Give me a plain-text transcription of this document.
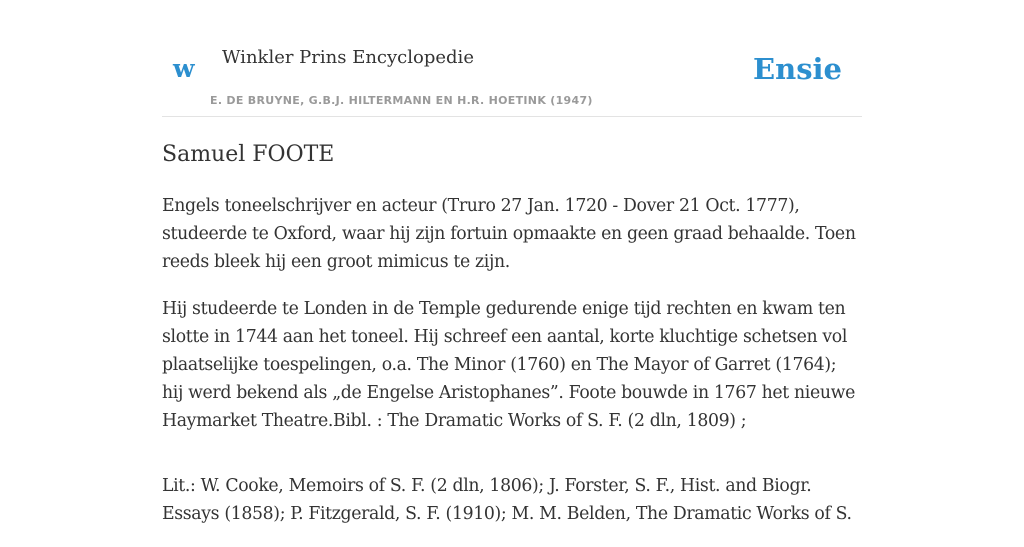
w Winkler Prins Encyclopedie
E. DE BRUYNE, G.B.J. HILTERMANN EN H.R. HOETINK (1947)
Ensie
Samuel FOOTE

Engels toneelschrijver en acteur (Truro 27 Jan. 1720 - Dover 21 Oct. 1777), studeerde te Oxford, waar hij zijn fortuin opmaakte en geen graad behaalde. Toen reeds bleek hij een groot mimicus te zijn.

Hij studeerde te Londen in de Temple gedurende enige tijd rechten en kwam ten slotte in 1744 aan het toneel. Hij schreef een aantal, korte kluchtige schetsen vol plaatselijke toespelingen, o.a. The Minor (1760) en The Mayor of Garret (1764); hij werd bekend als „de Engelse Aristophanes”. Foote bouwde in 1767 het nieuwe Haymarket Theatre.Bibl. : The Dramatic Works of S. F. (2 dln, 1809) ;

Lit.: W. Cooke, Memoirs of S. F. (2 dln, 1806); J. Forster, S. F., Hist. and Biogr. Essays (1858); P. Fitzgerald, S. F. (1910); M. M. Belden, The Dramatic Works of S.
